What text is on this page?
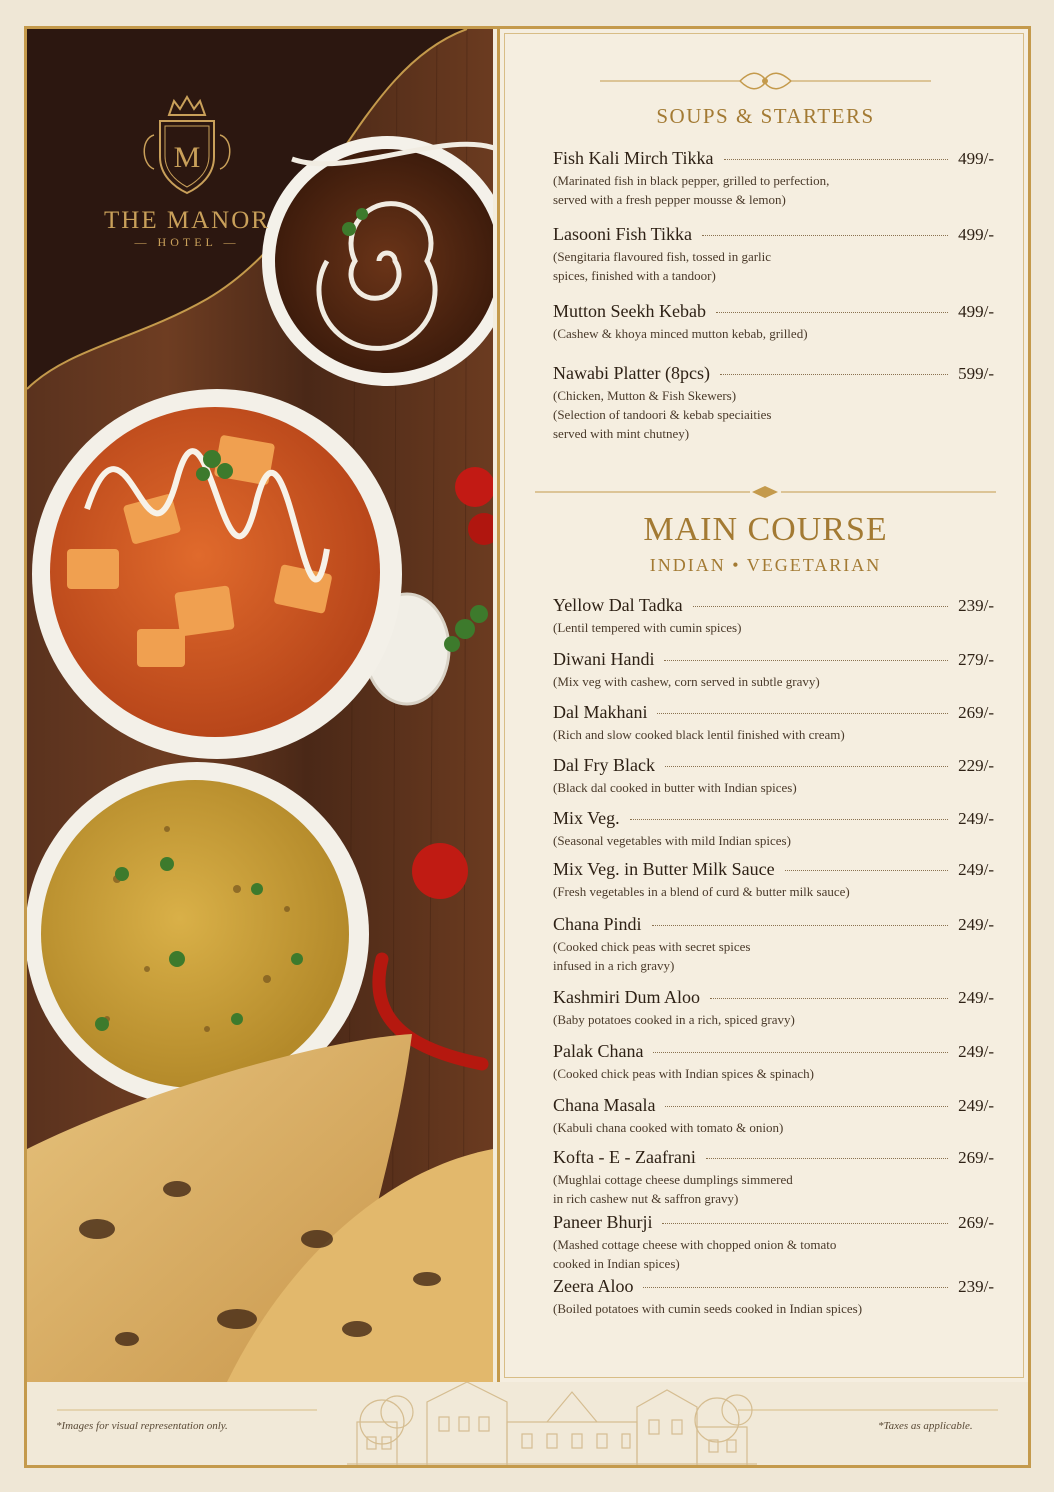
M
THE MANOR
— HOTEL —
SOUPS & STARTERS
Fish Kali Mirch Tikka	499/-
(Marinated fish in black pepper, grilled to perfection,
served with a fresh pepper mousse & lemon)
Lasooni Fish Tikka	499/-
(Sengitaria flavoured fish, tossed in garlic
spices, finished with a tandoor)
Mutton Seekh Kebab	499/-
(Cashew & khoya minced mutton kebab, grilled)
Nawabi Platter (8pcs)	599/-
(Chicken, Mutton & Fish Skewers)
(Selection of tandoori & kebab speciaities
served with mint chutney)
MAIN COURSE
INDIAN • VEGETARIAN
Yellow Dal Tadka	239/-
(Lentil tempered with cumin spices)
Diwani Handi	279/-
(Mix veg with cashew, corn served in subtle gravy)
Dal Makhani	269/-
(Rich and slow cooked black lentil finished with cream)
Dal Fry Black	229/-
(Black dal cooked in butter with Indian spices)
Mix Veg.	249/-
(Seasonal vegetables with mild Indian spices)
Mix Veg. in Butter Milk Sauce	249/-
(Fresh vegetables in a blend of curd & butter milk sauce)
Chana Pindi	249/-
(Cooked chick peas with secret spices
infused in a rich gravy)
Kashmiri Dum Aloo	249/-
(Baby potatoes cooked in a rich, spiced gravy)
Palak Chana	249/-
(Cooked chick peas with Indian spices & spinach)
Chana Masala	249/-
(Kabuli chana cooked with tomato & onion)
Kofta - E - Zaafrani	269/-
(Mughlai cottage cheese dumplings simmered
in rich cashew nut & saffron gravy)
Paneer Bhurji	269/-
(Mashed cottage cheese with chopped onion & tomato
cooked in Indian spices)
Zeera Aloo	239/-
(Boiled potatoes with cumin seeds cooked in Indian spices)
*Images for visual representation only.	*Taxes as applicable.
